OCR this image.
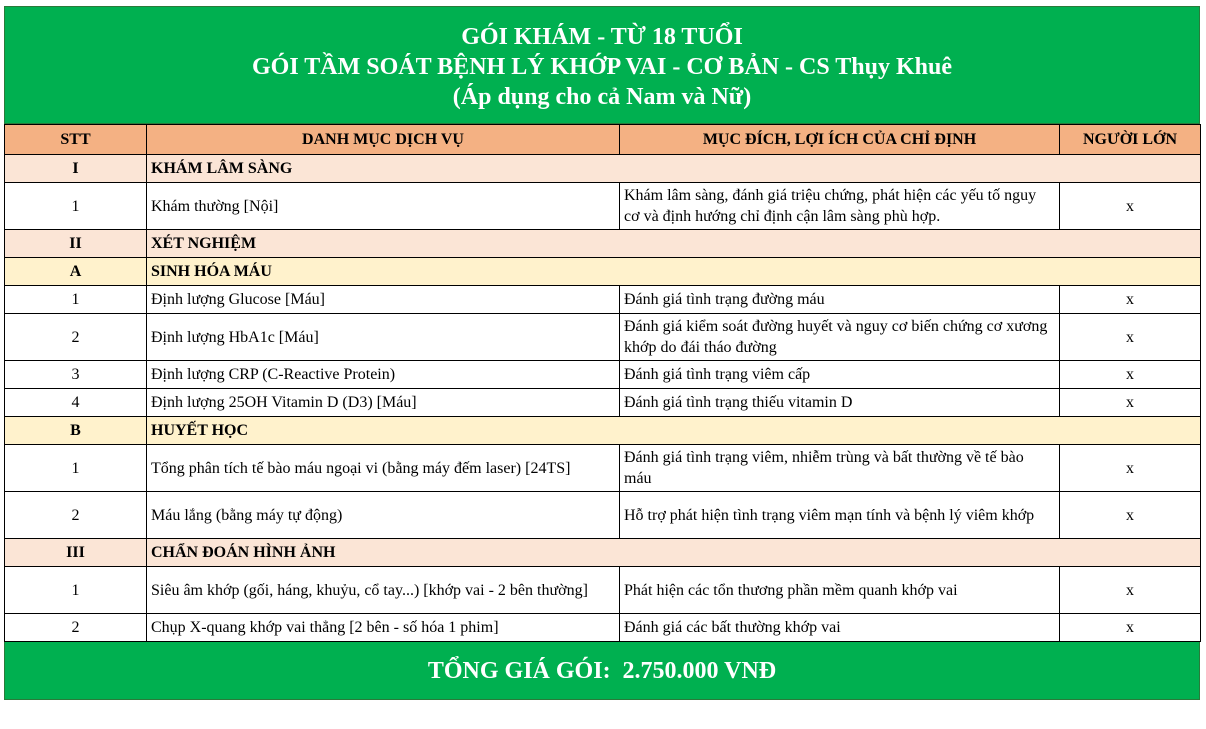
GÓI KHÁM - TỪ 18 TUỔI
GÓI TẦM SOÁT BỆNH LÝ KHỚP VAI - CƠ BẢN - CS Thụy Khuê
(Áp dụng cho cả Nam và Nữ)
STT	DANH MỤC DỊCH VỤ	MỤC ĐÍCH, LỢI ÍCH CỦA CHỈ ĐỊNH	NGƯỜI LỚN
I	KHÁM LÂM SÀNG		
1	Khám thường [Nội]	Khám lâm sàng, đánh giá triệu chứng, phát hiện các yếu tố nguy cơ và định hướng chỉ định cận lâm sàng phù hợp.	x
II	XÉT NGHIỆM		
A	SINH HÓA MÁU		
1	Định lượng Glucose [Máu]	Đánh giá tình trạng đường máu	x
2	Định lượng HbA1c [Máu]	Đánh giá kiểm soát đường huyết và nguy cơ biến chứng cơ xương khớp do đái tháo đường	x
3	Định lượng CRP (C-Reactive Protein)	Đánh giá tình trạng viêm cấp	x
4	Định lượng 25OH Vitamin D (D3) [Máu]	Đánh giá tình trạng thiếu vitamin D	x
B	HUYẾT HỌC		
1	Tổng phân tích tế bào máu ngoại vi (bằng máy đếm laser) [24TS]	Đánh giá tình trạng viêm, nhiễm trùng và bất thường về tế bào máu	x
2	Máu lắng (bằng máy tự động)	Hỗ trợ phát hiện tình trạng viêm mạn tính và bệnh lý viêm khớp	x
III	CHẨN ĐOÁN HÌNH ẢNH		
1	Siêu âm khớp (gối, háng, khuỷu, cổ tay...) [khớp vai - 2 bên thường]	Phát hiện các tổn thương phần mềm quanh khớp vai	x
2	Chụp X-quang khớp vai thẳng [2 bên - số hóa 1 phim]	Đánh giá các bất thường khớp vai	x
TỔNG GIÁ GÓI:  2.750.000 VNĐ
